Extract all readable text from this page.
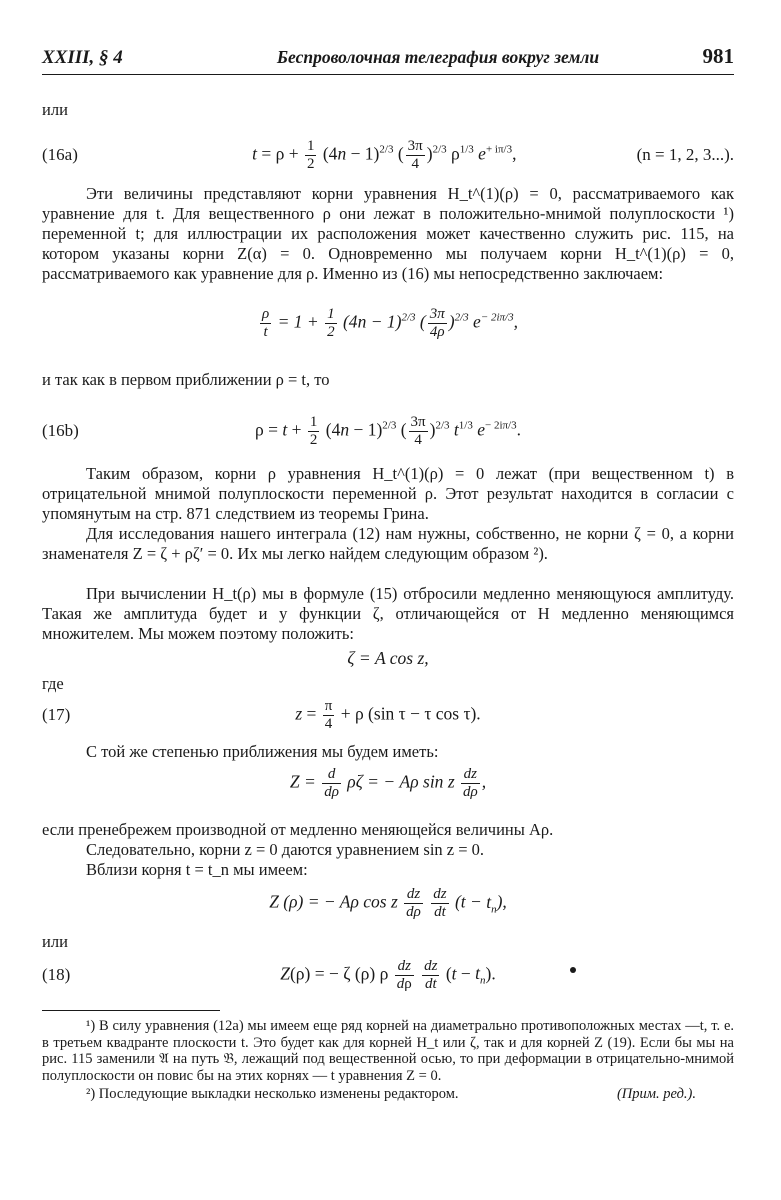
XXIII, § 4	Беспроволочная телеграфия вокруг земли	981
или
(16a)	$t = \rho + \frac{1}{2} (4n - 1)^{2/3}$ ( $\frac{3\pi}{4} )^{2/3}$ $\rho^{1/3}$ $e^{+ i\pi/3}$,	(n = 1, 2, 3...).

Эти величины представляют корни уравнения H_t^(1)(ρ) = 0, рассматриваемого как уравнение для t. Для вещественного ρ они лежат в положительно-мнимой полуплоскости ¹) переменной t; для иллюстрации их расположения может качественно служить рис. 115, на котором указаны корни Z(α) = 0. Одновременно мы получаем корни H_t^(1)(ρ) = 0, рассматриваемого как уравнение для ρ. Именно из (16) мы непосредственно заключаем:

$\frac{\rho}{t} = 1 + \frac{1}{2} (4n - 1)^{2/3}$ ( $\frac{3\pi}{4\rho} )^{2/3}$ $e^{- 2i\pi/3}$,

и так как в первом приближении ρ = t, то

(16b)	$\rho = t + \frac{1}{2} (4n - 1)^{2/3}$ ( $\frac{3\pi}{4} )^{2/3}$ $t^{1/3}$ $e^{- 2i\pi/3}$.

Таким образом, корни ρ уравнения H_t^(1)(ρ) = 0 лежат (при вещественном t) в отрицательной мнимой полуплоскости переменной ρ. Этот результат находится в согласии с упомянутым на стр. 871 следствием из теоремы Грина.

Для исследования нашего интеграла (12) нам нужны, собственно, не корни ζ = 0, а корни знаменателя Z = ζ + ρζ′ = 0. Их мы легко найдем следующим образом ²).

При вычислении H_t(ρ) мы в формуле (15) отбросили медленно меняющуюся амплитуду. Такая же амплитуда будет и у функции ζ, отличающейся от H медленно меняющимся множителем. Мы можем поэтому положить:

ζ = A cos z,
где
(17)	$z = \frac{\pi}{4} + \rho$ (sin τ − τ cos τ).

С той же степенью приближения мы будем иметь:

$Z = \frac{d}{d\rho}$ ρζ = − Aρ sin z $\frac{dz}{d\rho}$ ,

если пренебрежем производной от медленно меняющейся величины Aρ.

Следовательно, корни z = 0 даются уравнением sin z = 0.

Вблизи корня t = t_n мы имеем:

Z (ρ) = − Aρ cos z $\frac{dz}{d\rho}$
$\frac{dz}{dt} (t - t_n)$,
или
(18)	Z(ρ) = − ζ (ρ) ρ $\frac{dz}{d\rho}$
$\frac{dz}{dt} (t - t_n)$.

¹) В силу уравнения (12a) мы имеем еще ряд корней на диаметрально противоположных местах —t, т. е. в третьем квадранте плоскости t. Это будет как для корней H_t или ζ, так и для корней Z (19). Если бы мы на рис. 115 заменили 𝔄 на путь 𝔅, лежащий под вещественной осью, то при деформации в отрицательно-мнимой полуплоскости он повис бы на этих корнях — t уравнения Z = 0.

²) Последующие выкладки несколько изменены редактором.	(Прим. ред.).
